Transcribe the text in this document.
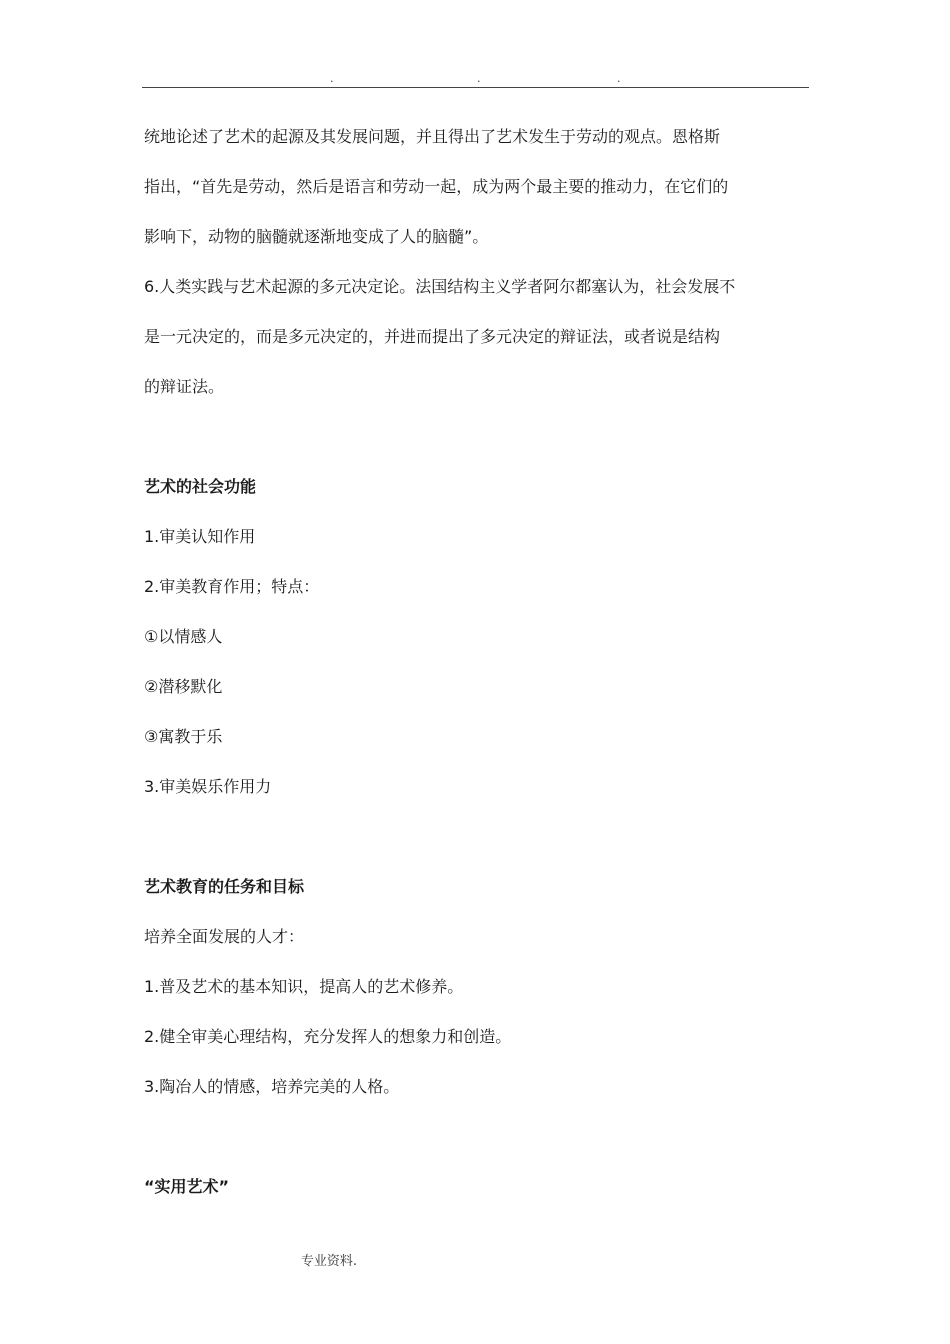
.	.	.
统地论述了艺术的起源及其发展问题，并且得出了艺术发生于劳动的观点。恩格斯
指出，“首先是劳动，然后是语言和劳动一起，成为两个最主要的推动力，在它们的
影响下，动物的脑髓就逐渐地变成了人的脑髓”。
6.人类实践与艺术起源的多元决定论。法国结构主义学者阿尔都塞认为，社会发展不
是一元决定的，而是多元决定的，并进而提出了多元决定的辩证法，或者说是结构
的辩证法。
艺术的社会功能
1.审美认知作用
2.审美教育作用；特点：
①以情感人
②潜移默化
③寓教于乐
3.审美娱乐作用力
艺术教育的任务和目标
培养全面发展的人才：
1.普及艺术的基本知识，提高人的艺术修养。
2.健全审美心理结构，充分发挥人的想象力和创造。
3.陶冶人的情感，培养完美的人格。
“实用艺术”
专业资料.
